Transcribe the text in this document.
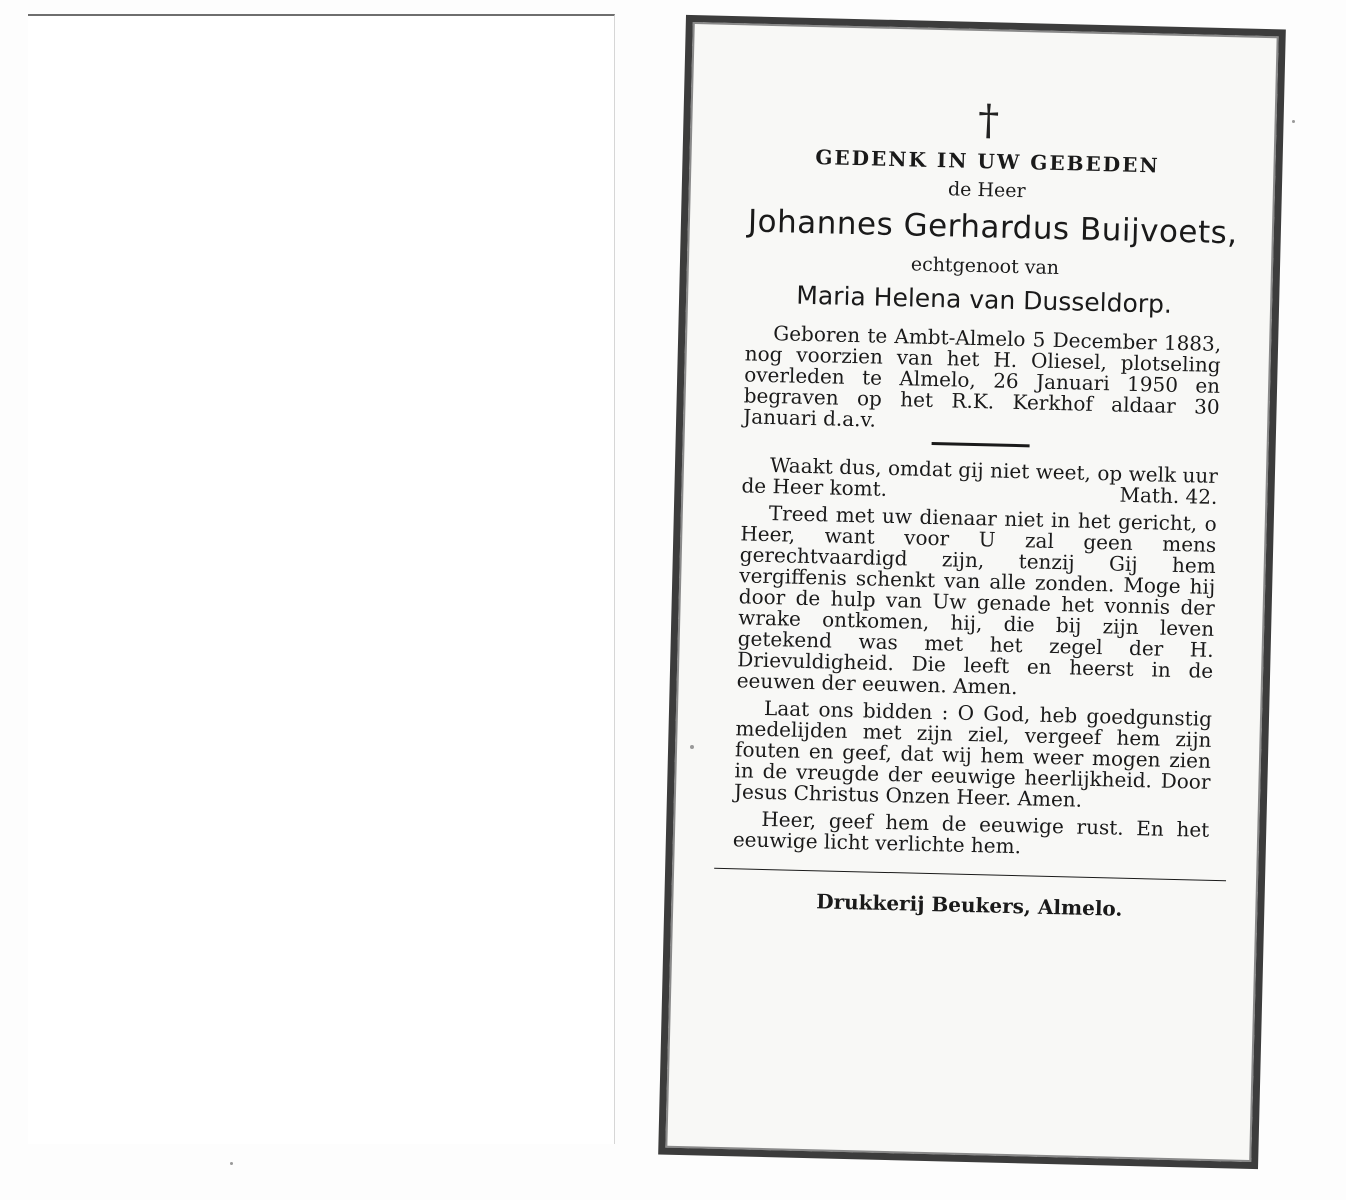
†

GEDENK IN UW GEBEDEN

de Heer

Johannes Gerhardus Buijvoets,

echtgenoot van

Maria Helena van Dusseldorp.

Geboren te Ambt-Almelo 5 December 1883, nog voorzien van het H. Oliesel, plotseling overleden te Almelo, 26 Januari 1950 en begraven op het R.K. Kerkhof aldaar 30 Januari d.a.v.

Waakt dus, omdat gij niet weet, op welk uur de Heer komt.	Math. 42.

Treed met uw dienaar niet in het gericht, o Heer, want voor U zal geen mens gerechtvaardigd zijn, tenzij Gij hem vergiffenis schenkt van alle zonden. Moge hij door de hulp van Uw genade het vonnis der wrake ontkomen, hij, die bij zijn leven getekend was met het zegel der H. Drievuldigheid. Die leeft en heerst in de eeuwen der eeuwen. Amen.

Laat ons bidden : O God, heb goedgunstig medelijden met zijn ziel, vergeef hem zijn fouten en geef, dat wij hem weer mogen zien in de vreugde der eeuwige heerlijkheid. Door Jesus Christus Onzen Heer. Amen.

Heer, geef hem de eeuwige rust. En het eeuwige licht verlichte hem.

Drukkerij Beukers, Almelo.
